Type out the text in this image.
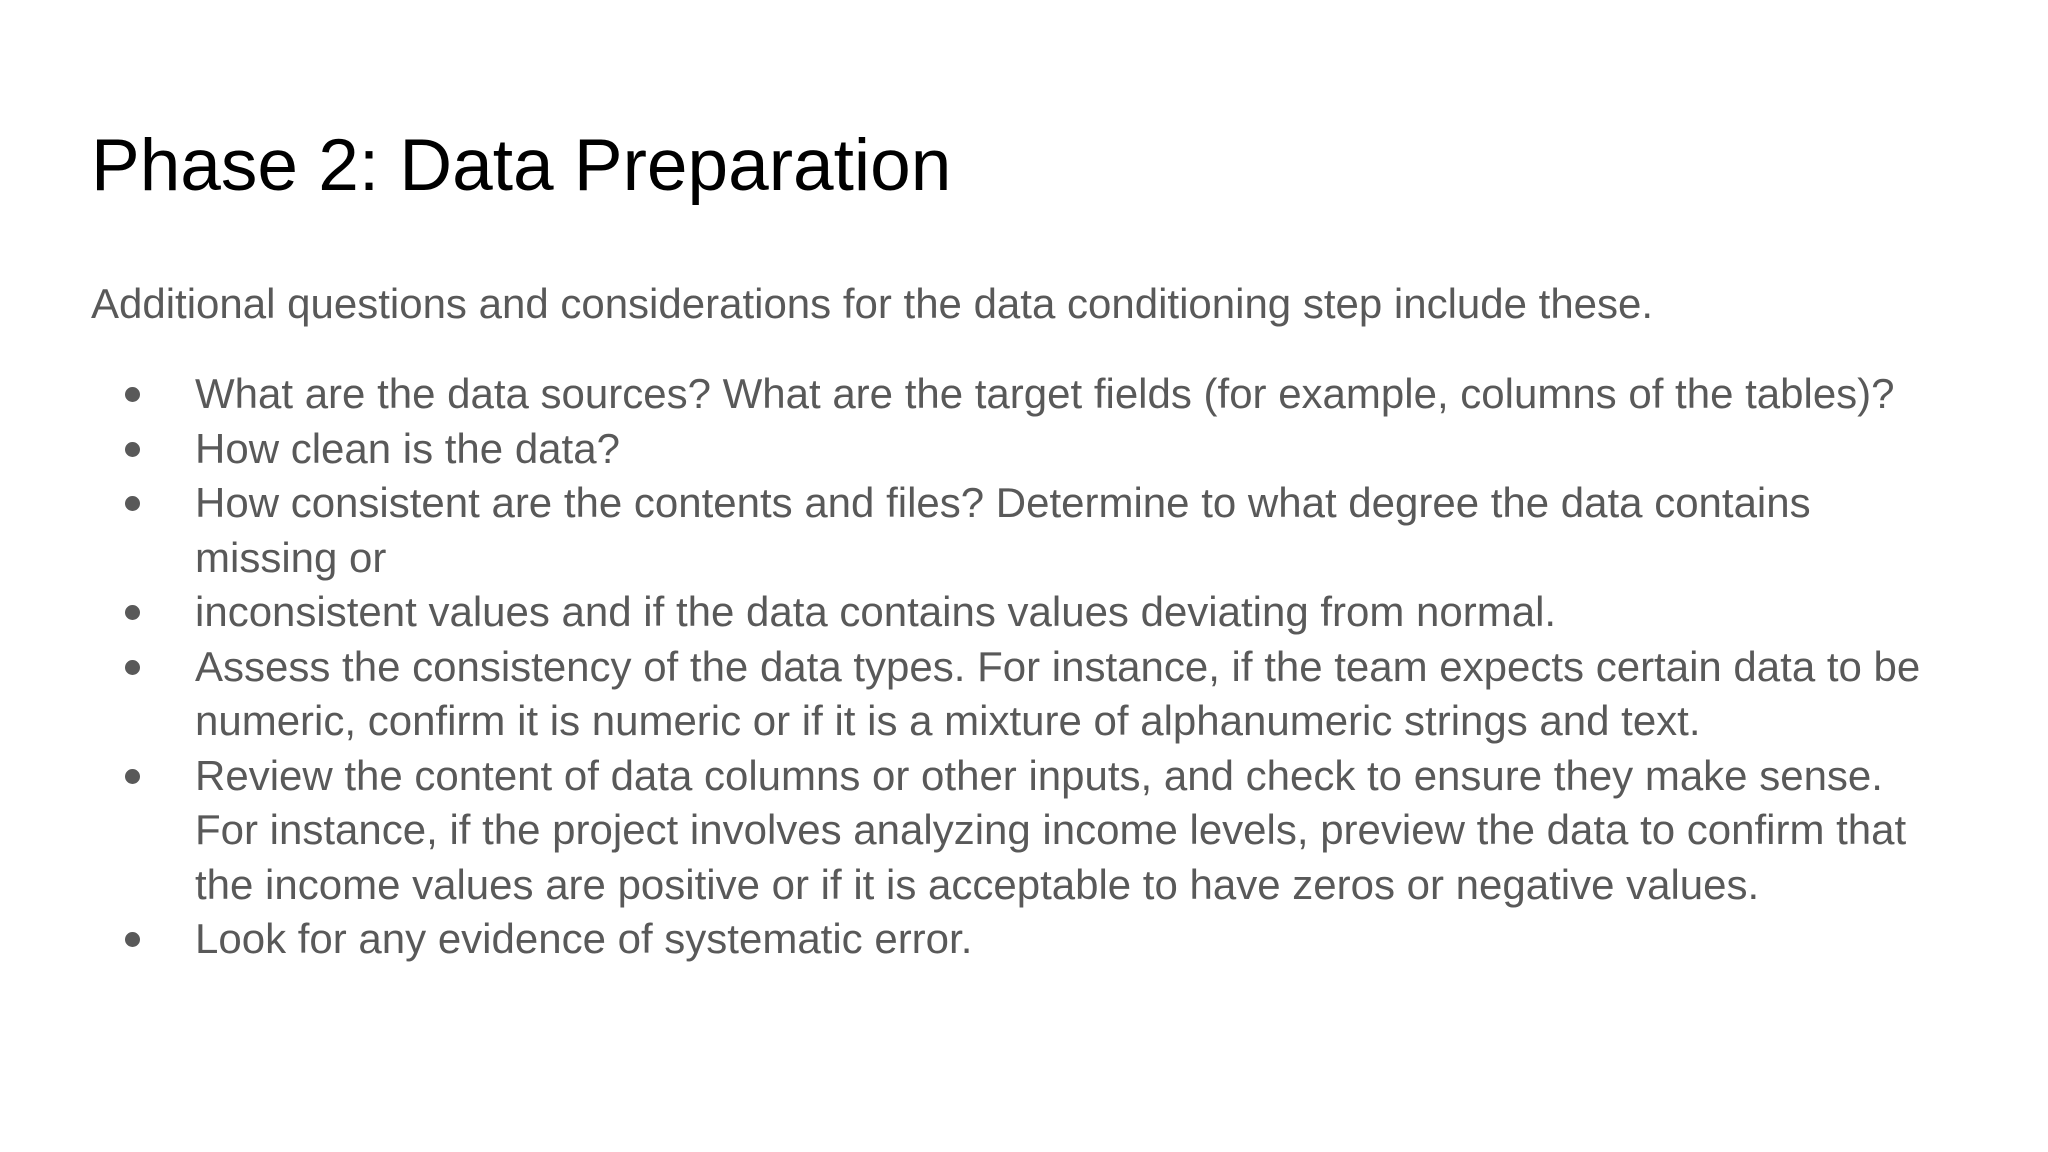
Phase 2: Data Preparation

Additional questions and considerations for the data conditioning step include these.

What are the data sources? What are the target fields (for example, columns of the tables)?
How clean is the data?
How consistent are the contents and files? Determine to what degree the data contains
missing or
inconsistent values and if the data contains values deviating from normal.
Assess the consistency of the data types. For instance, if the team expects certain data to be
numeric, confirm it is numeric or if it is a mixture of alphanumeric strings and text.
Review the content of data columns or other inputs, and check to ensure they make sense.
For instance, if the project involves analyzing income levels, preview the data to confirm that
the income values are positive or if it is acceptable to have zeros or negative values.
Look for any evidence of systematic error.
